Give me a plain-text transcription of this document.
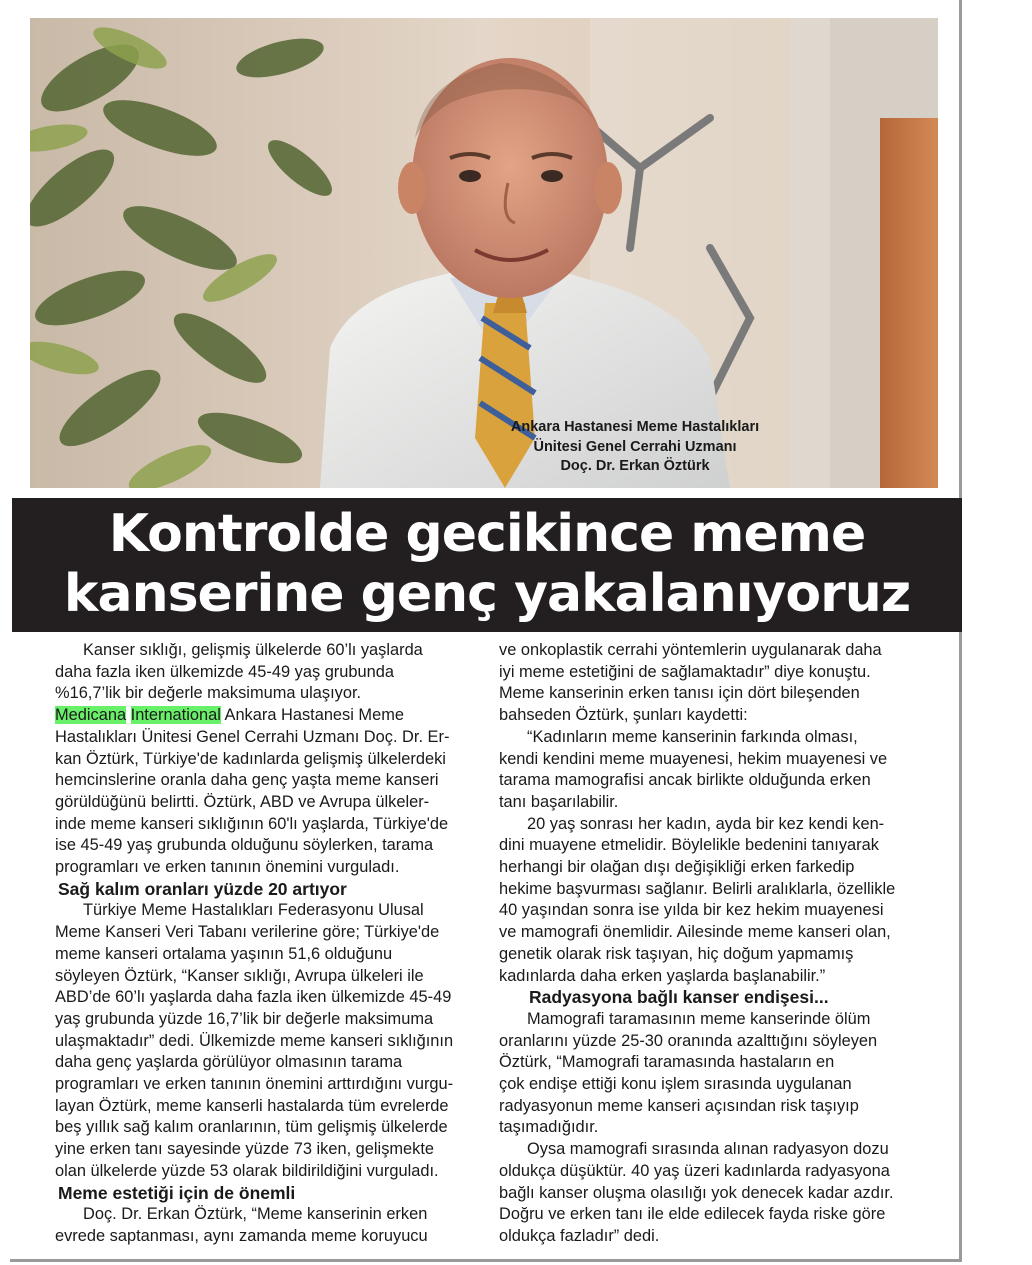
Ankara Hastanesi Meme Hastalıkları
Ünitesi Genel Cerrahi Uzmanı
Doç. Dr. Erkan Öztürk
Kontrolde gecikince meme
kanserine genç yakalanıyoruz
Kanser sıklığı, gelişmiş ülkelerde 60’lı yaşlarda
daha fazla iken ülkemizde 45-49 yaş grubunda
%16,7’lik bir değerle maksimuma ulaşıyor.
Medicana International Ankara Hastanesi Meme
Hastalıkları Ünitesi Genel Cerrahi Uzmanı Doç. Dr. Er-
kan Öztürk, Türkiye'de kadınlarda gelişmiş ülkelerdeki
hemcinslerine oranla daha genç yaşta meme kanseri
görüldüğünü belirtti. Öztürk, ABD ve Avrupa ülkeler-
inde meme kanseri sıklığının 60'lı yaşlarda, Türkiye'de
ise 45-49 yaş grubunda olduğunu söylerken, tarama
programları ve erken tanının önemini vurguladı.
Sağ kalım oranları yüzde 20 artıyor
Türkiye Meme Hastalıkları Federasyonu Ulusal
Meme Kanseri Veri Tabanı verilerine göre; Türkiye'de
meme kanseri ortalama yaşının 51,6 olduğunu
söyleyen Öztürk, “Kanser sıklığı, Avrupa ülkeleri ile
ABD’de 60’lı yaşlarda daha fazla iken ülkemizde 45-49
yaş grubunda yüzde 16,7’lik bir değerle maksimuma
ulaşmaktadır” dedi. Ülkemizde meme kanseri sıklığının
daha genç yaşlarda görülüyor olmasının tarama
programları ve erken tanının önemini arttırdığını vurgu-
layan Öztürk, meme kanserli hastalarda tüm evrelerde
beş yıllık sağ kalım oranlarının, tüm gelişmiş ülkelerde
yine erken tanı sayesinde yüzde 73 iken, gelişmekte
olan ülkelerde yüzde 53 olarak bildirildiğini vurguladı.
Meme estetiği için de önemli
Doç. Dr. Erkan Öztürk, “Meme kanserinin erken
evrede saptanması, aynı zamanda meme koruyucu
ve onkoplastik cerrahi yöntemlerin uygulanarak daha
iyi meme estetiğini de sağlamaktadır” diye konuştu.
Meme kanserinin erken tanısı için dört bileşenden
bahseden Öztürk, şunları kaydetti:
“Kadınların meme kanserinin farkında olması,
kendi kendini meme muayenesi, hekim muayenesi ve
tarama mamografisi ancak birlikte olduğunda erken
tanı başarılabilir.
20 yaş sonrası her kadın, ayda bir kez kendi ken-
dini muayene etmelidir. Böylelikle bedenini tanıyarak
herhangi bir olağan dışı değişikliği erken farkedip
hekime başvurması sağlanır. Belirli aralıklarla, özellikle
40 yaşından sonra ise yılda bir kez hekim muayenesi
ve mamografi önemlidir. Ailesinde meme kanseri olan,
genetik olarak risk taşıyan, hiç doğum yapmamış
kadınlarda daha erken yaşlarda başlanabilir.”
Radyasyona bağlı kanser endişesi...
Mamografi taramasının meme kanserinde ölüm
oranlarını yüzde 25-30 oranında azalttığını söyleyen
Öztürk, “Mamografi taramasında hastaların en
çok endişe ettiği konu işlem sırasında uygulanan
radyasyonun meme kanseri açısından risk taşıyıp
taşımadığıdır.
Oysa mamografi sırasında alınan radyasyon dozu
oldukça düşüktür. 40 yaş üzeri kadınlarda radyasyona
bağlı kanser oluşma olasılığı yok denecek kadar azdır.
Doğru ve erken tanı ile elde edilecek fayda riske göre
oldukça fazladır” dedi.
